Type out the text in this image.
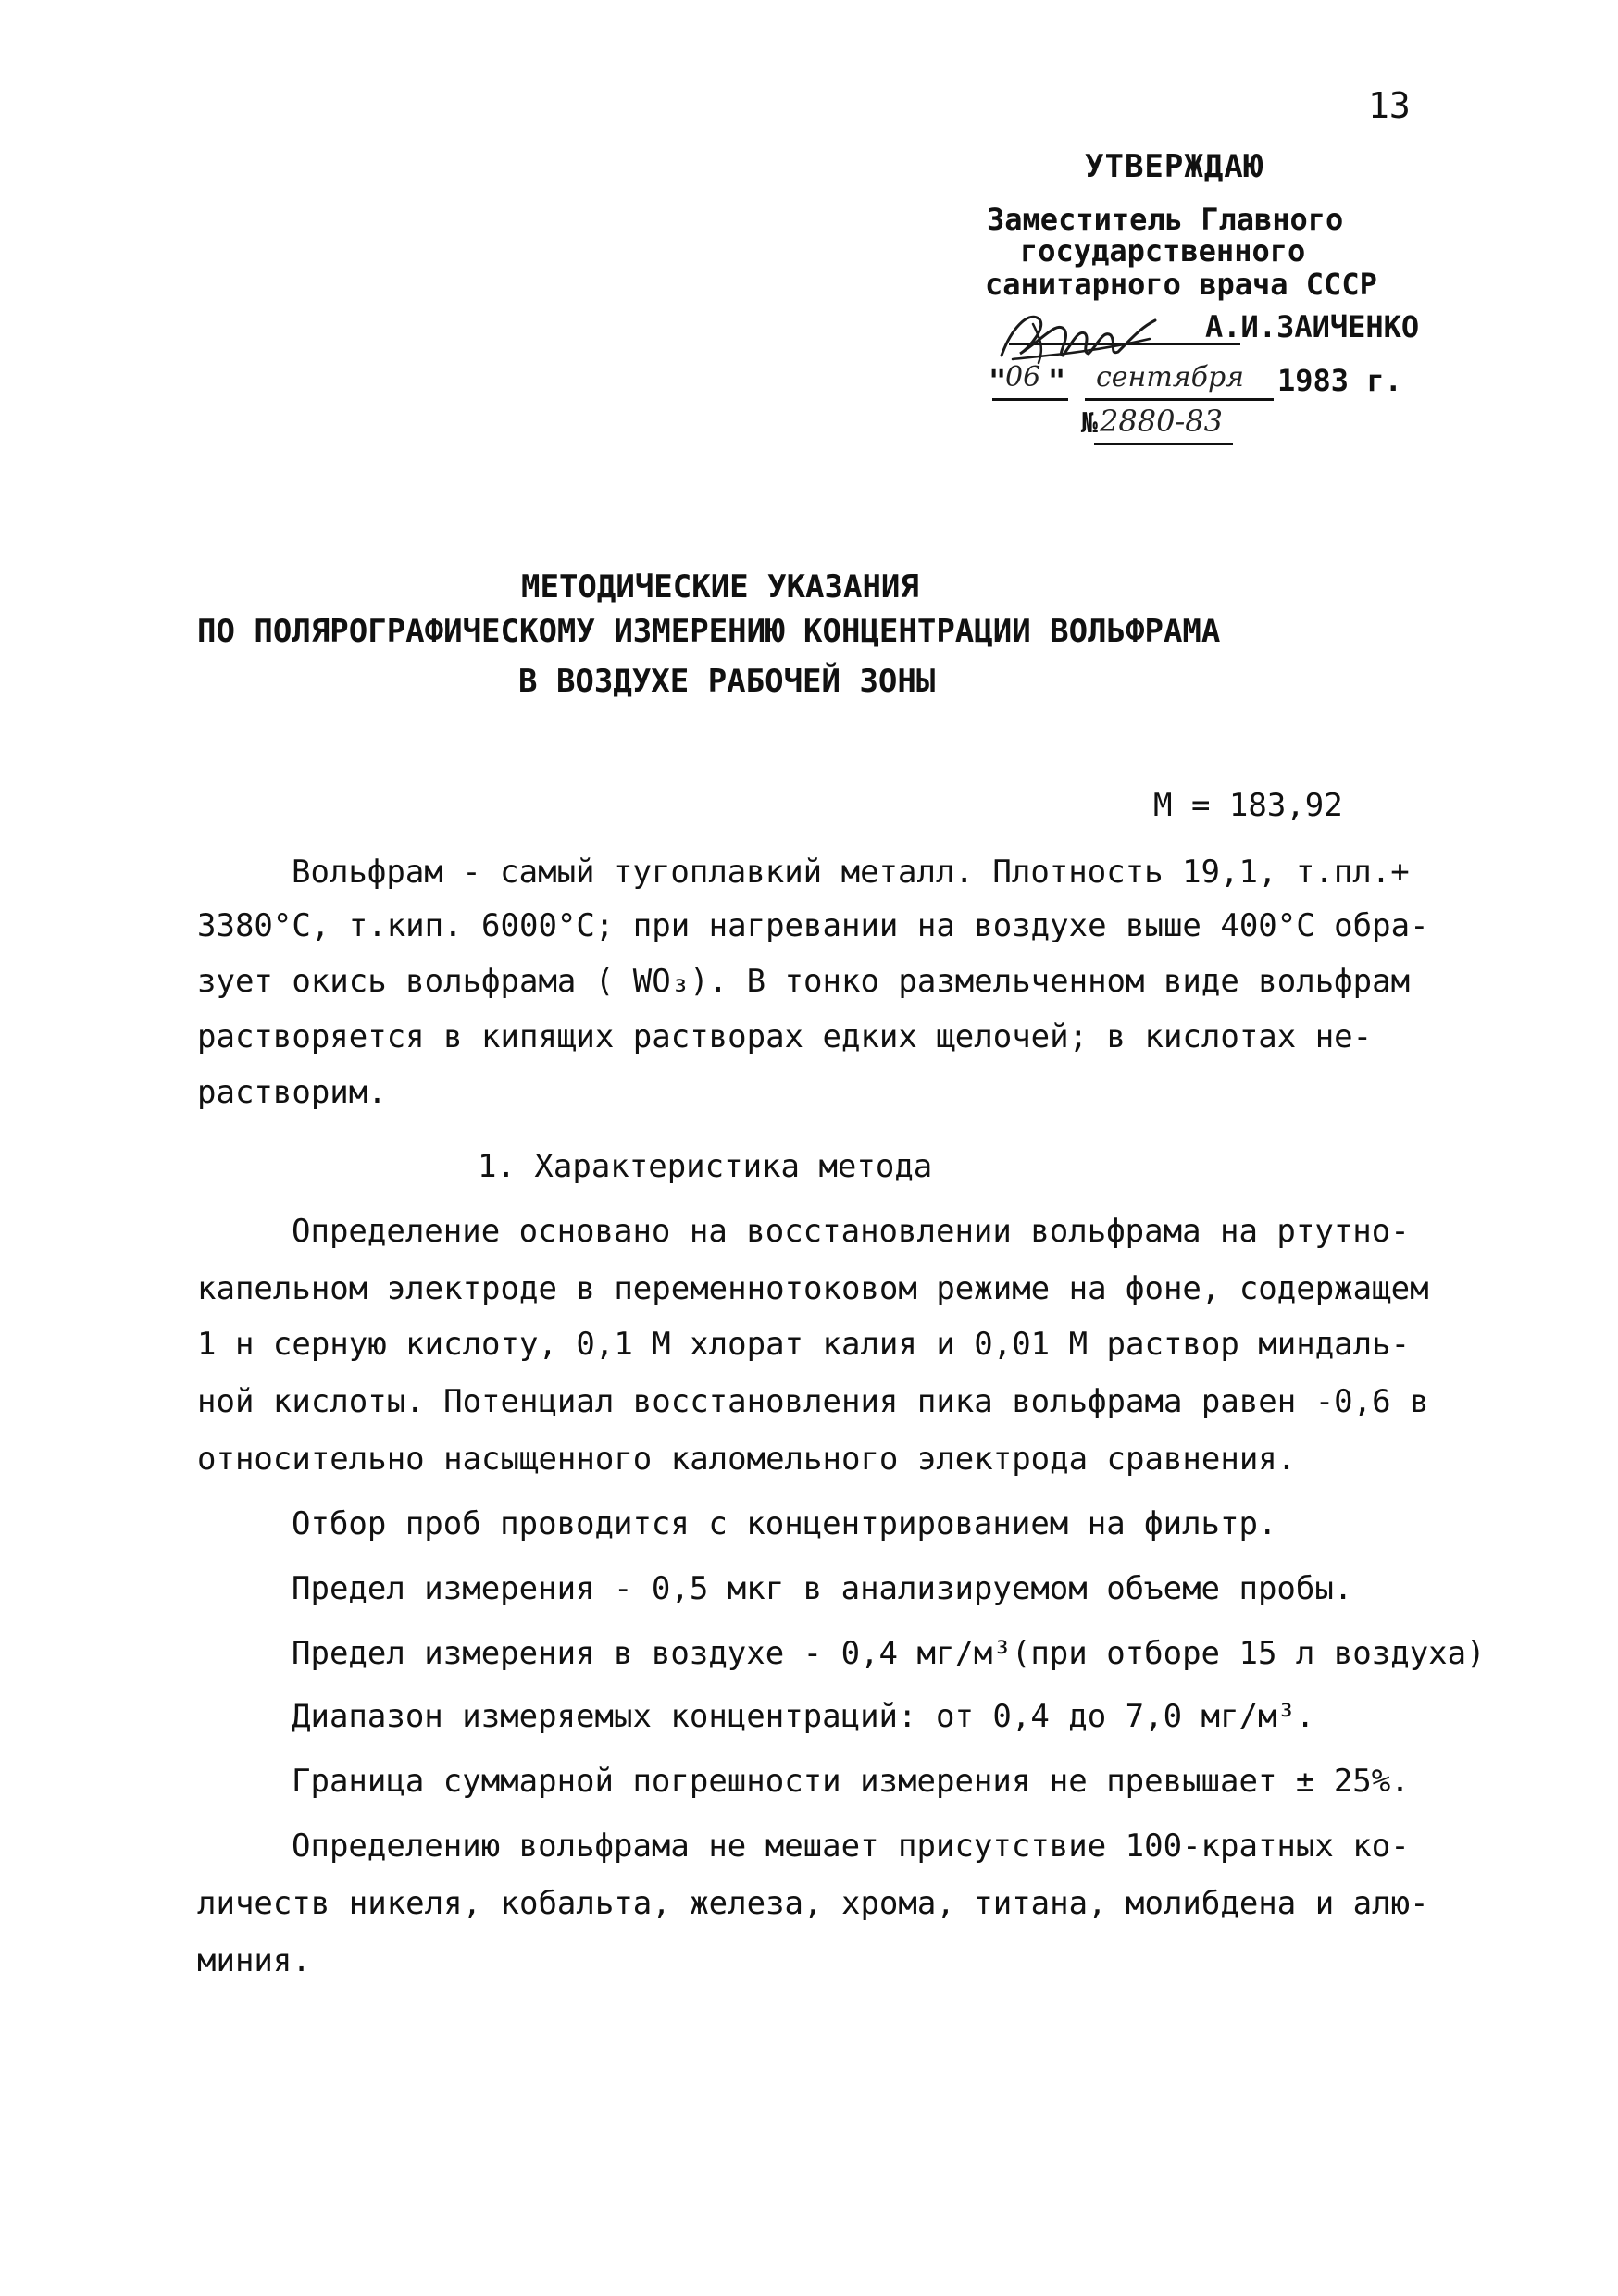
13
УТВЕРЖДАЮ
Заместитель Главного
государственного
санитарного врача СССР
А.И.ЗАИЧЕНКО
"
06 " сентября 1983 г.
№ 2880-83
МЕТОДИЧЕСКИЕ УКАЗАНИЯ
ПО ПОЛЯРОГРАФИЧЕСКОМУ ИЗМЕРЕНИЮ КОНЦЕНТРАЦИИ ВОЛЬФРАМА
В ВОЗДУХЕ РАБОЧЕЙ ЗОНЫ
М = 183,92
Вольфрам - самый тугоплавкий металл. Плотность 19,1, т.пл.+
3380°С, т.кип. 6000°С; при нагревании на воздухе выше 400°С обра-
зует окись вольфрама ( WO₃). В тонко размельченном виде вольфрам
растворяется в кипящих растворах едких щелочей; в кислотах не-
растворим.
1. Характеристика метода
Определение основано на восстановлении вольфрама на ртутно-
капельном электроде в переменнотоковом режиме на фоне, содержащем
1 н серную кислоту, 0,1 М хлорат калия и 0,01 М раствор миндаль-
ной кислоты. Потенциал восстановления пика вольфрама равен -0,6 в
относительно насыщенного каломельного электрода сравнения.
Отбор проб проводится с концентрированием на фильтр.
Предел измерения - 0,5 мкг в анализируемом объеме пробы.
Предел измерения в воздухе - 0,4 мг/м³(при отборе 15 л воздуха)
Диапазон измеряемых концентраций: от 0,4 до 7,0 мг/м³.
Граница суммарной погрешности измерения не превышает ± 25%.
Определению вольфрама не мешает присутствие 100-кратных ко-
личеств никеля, кобальта, железа, хрома, титана, молибдена и алю-
миния.
